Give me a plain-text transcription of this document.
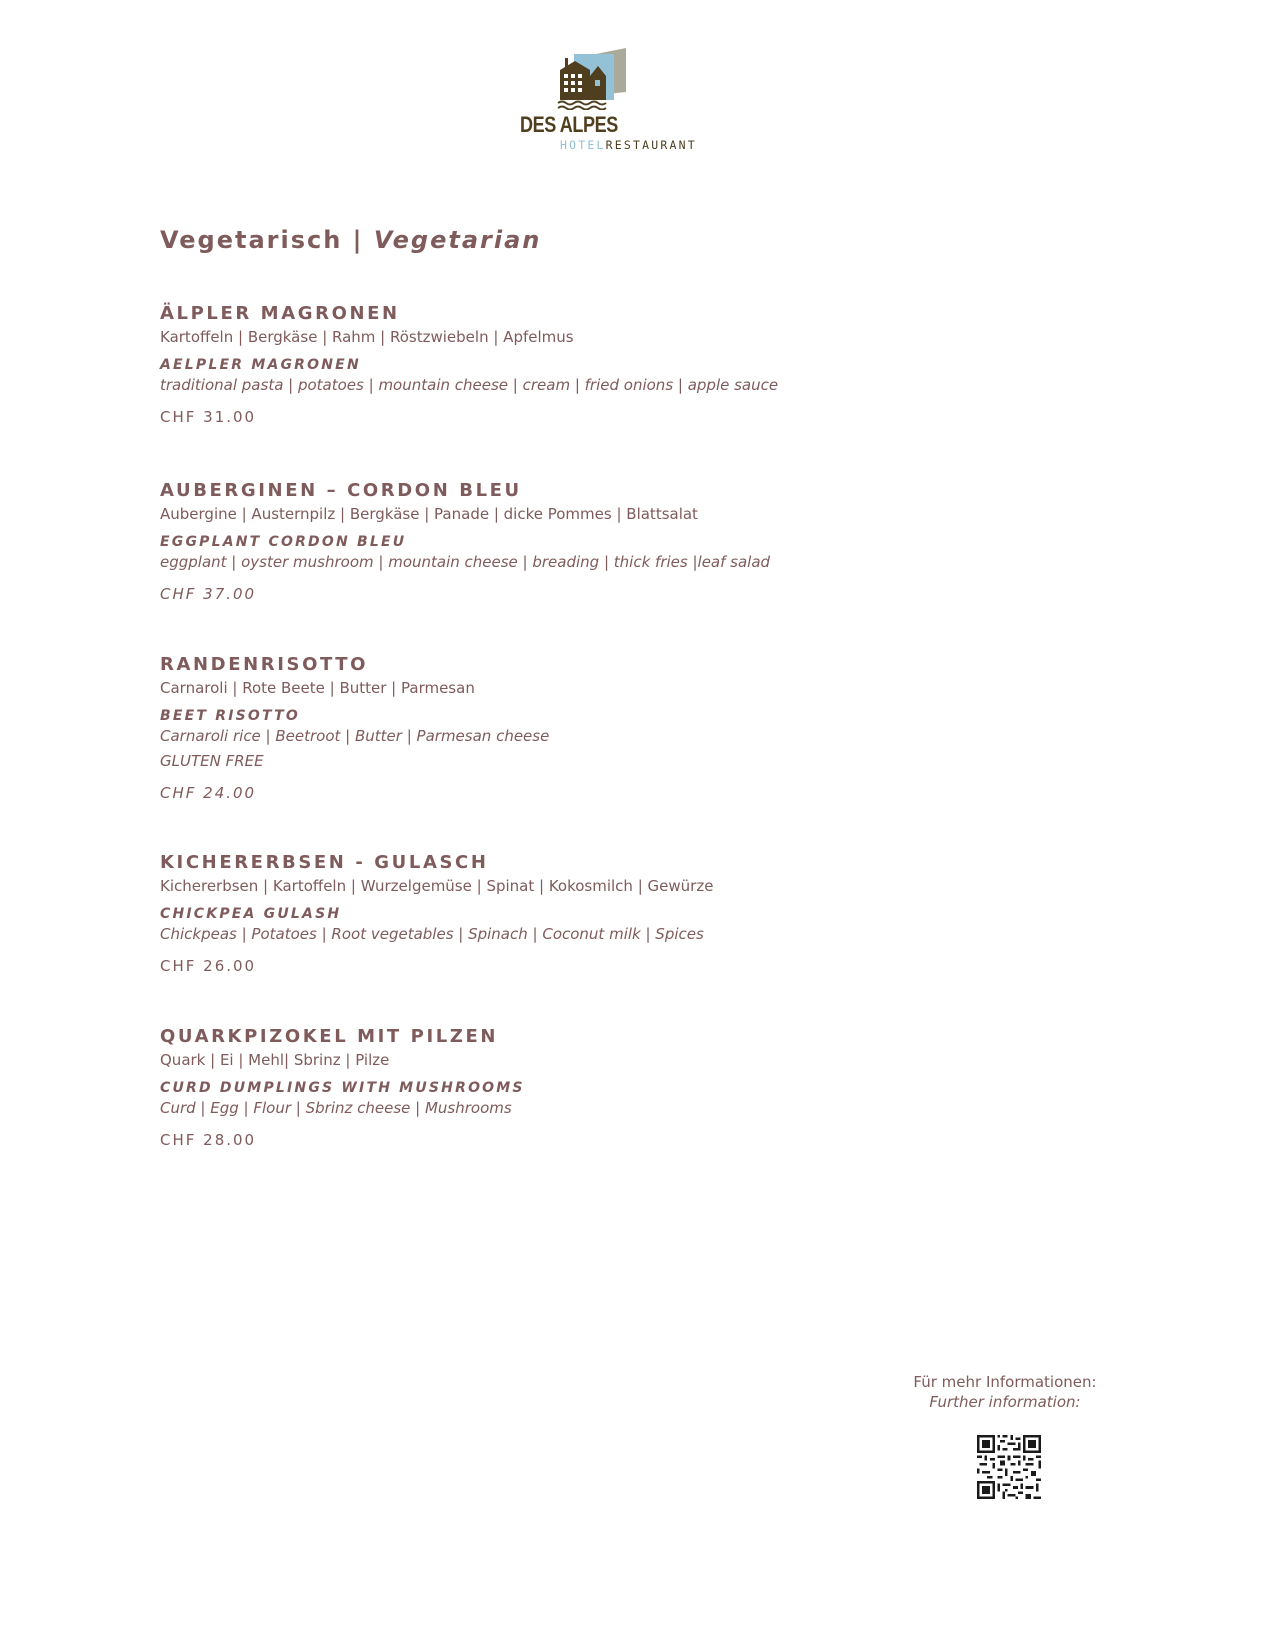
DES ALPES
HOTELRESTAURANT
Vegetarisch | Vegetarian
ÄLPLER MAGRONEN
Kartoffeln | Bergkäse | Rahm | Röstzwiebeln | Apfelmus
AELPLER MAGRONEN
traditional pasta | potatoes | mountain cheese | cream | fried onions | apple sauce
CHF 31.00
AUBERGINEN – CORDON BLEU
Aubergine | Austernpilz | Bergkäse | Panade | dicke Pommes | Blattsalat
EGGPLANT CORDON BLEU
eggplant | oyster mushroom | mountain cheese | breading | thick fries |leaf salad
CHF 37.00
RANDENRISOTTO
Carnaroli | Rote Beete | Butter | Parmesan
BEET RISOTTO
Carnaroli rice | Beetroot | Butter | Parmesan cheese
GLUTEN FREE
CHF 24.00
KICHERERBSEN - GULASCH
Kichererbsen | Kartoffeln | Wurzelgemüse | Spinat | Kokosmilch | Gewürze
CHICKPEA GULASH
Chickpeas | Potatoes | Root vegetables | Spinach | Coconut milk | Spices
CHF 26.00
QUARKPIZOKEL MIT PILZEN
Quark | Ei | Mehl| Sbrinz | Pilze
CURD DUMPLINGS WITH MUSHROOMS
Curd | Egg | Flour | Sbrinz cheese | Mushrooms
CHF 28.00
Für mehr Informationen:
Further information:
